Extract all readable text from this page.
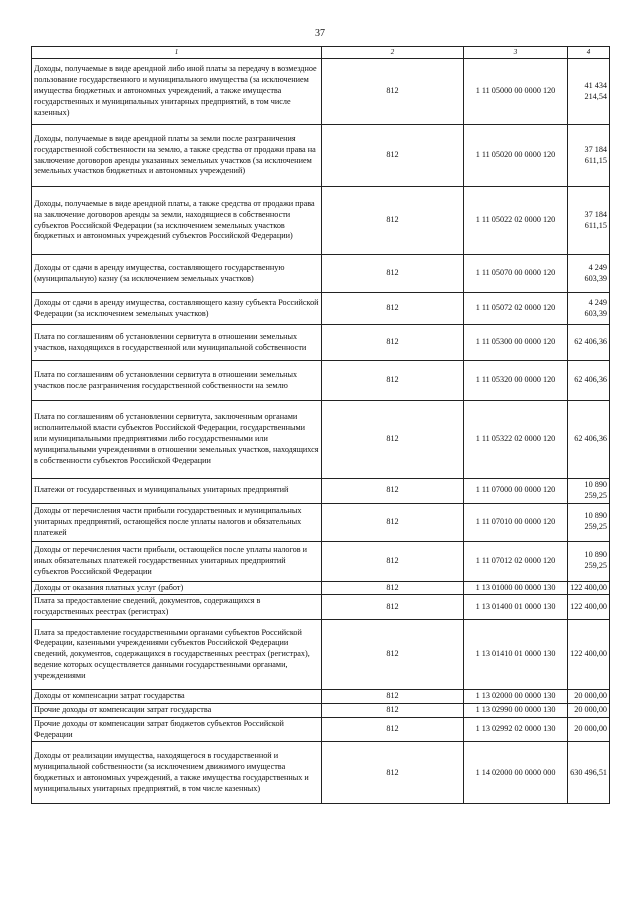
37
1	2	3	4
Доходы, получаемые в виде арендной либо иной платы за передачу в возмездное пользование государственного и муниципального имущества (за исключением имущества бюджетных и автономных учреждений, а также имущества государственных и муниципальных унитарных предприятий, в том числе казенных)	812	1 11 05000 00 0000 120	41 434 214,54
Доходы, получаемые в виде арендной платы за земли после разграничения государственной собственности на землю, а также средства от продажи права на заключение договоров аренды указанных земельных участков (за исключением земельных участков бюджетных и автономных учреждений)	812	1 11 05020 00 0000 120	37 184 611,15
Доходы, получаемые в виде арендной платы, а также средства от продажи права на заключение договоров аренды за земли, находящиеся в собственности субъектов Российской Федерации (за исключением земельных участков бюджетных и автономных учреждений субъектов Российской Федерации)	812	1 11 05022 02 0000 120	37 184 611,15
Доходы от сдачи в аренду имущества, составляющего государственную (муниципальную) казну (за исключением земельных участков)	812	1 11 05070 00 0000 120	4 249 603,39
Доходы от сдачи в аренду имущества, составляющего казну субъекта Российской Федерации (за исключением земельных участков)	812	1 11 05072 02 0000 120	4 249 603,39
Плата по соглашениям об установлении сервитута в отношении земельных участков, находящихся в государственной или муниципальной собственности	812	1 11 05300 00 0000 120	62 406,36
Плата по соглашениям об установлении сервитута в отношении земельных участков после разграничения государственной собственности на землю	812	1 11 05320 00 0000 120	62 406,36
Плата по соглашениям об установлении сервитута, заключенным органами исполнительной власти субъектов Российской Федерации, государственными или муниципальными предприятиями либо государственными или муниципальными учреждениями в отношении земельных участков, находящихся в собственности субъектов Российской Федерации	812	1 11 05322 02 0000 120	62 406,36
Платежи от государственных и муниципальных унитарных предприятий	812	1 11 07000 00 0000 120	10 890 259,25
Доходы от перечисления части прибыли государственных и муниципальных унитарных предприятий, остающейся после уплаты налогов и обязательных платежей	812	1 11 07010 00 0000 120	10 890 259,25
Доходы от перечисления части прибыли, остающейся после уплаты налогов и иных обязательных платежей государственных унитарных предприятий субъектов Российской Федерации	812	1 11 07012 02 0000 120	10 890 259,25
Доходы от оказания платных услуг (работ)	812	1 13 01000 00 0000 130	122 400,00
Плата за предоставление сведений, документов, содержащихся в государственных реестрах (регистрах)	812	1 13 01400 01 0000 130	122 400,00
Плата за предоставление государственными органами субъектов Российской Федерации, казенными учреждениями субъектов Российской Федерации сведений, документов, содержащихся в государственных реестрах (регистрах), ведение которых осуществляется данными государственными органами, учреждениями	812	1 13 01410 01 0000 130	122 400,00
Доходы от компенсации затрат государства	812	1 13 02000 00 0000 130	20 000,00
Прочие доходы от компенсации затрат государства	812	1 13 02990 00 0000 130	20 000,00
Прочие доходы от компенсации затрат бюджетов субъектов Российской Федерации	812	1 13 02992 02 0000 130	20 000,00
Доходы от реализации имущества, находящегося в государственной и муниципальной собственности (за исключением движимого имущества бюджетных и автономных учреждений, а также имущества государственных и муниципальных унитарных предприятий, в том числе казенных)	812	1 14 02000 00 0000 000	630 496,51
